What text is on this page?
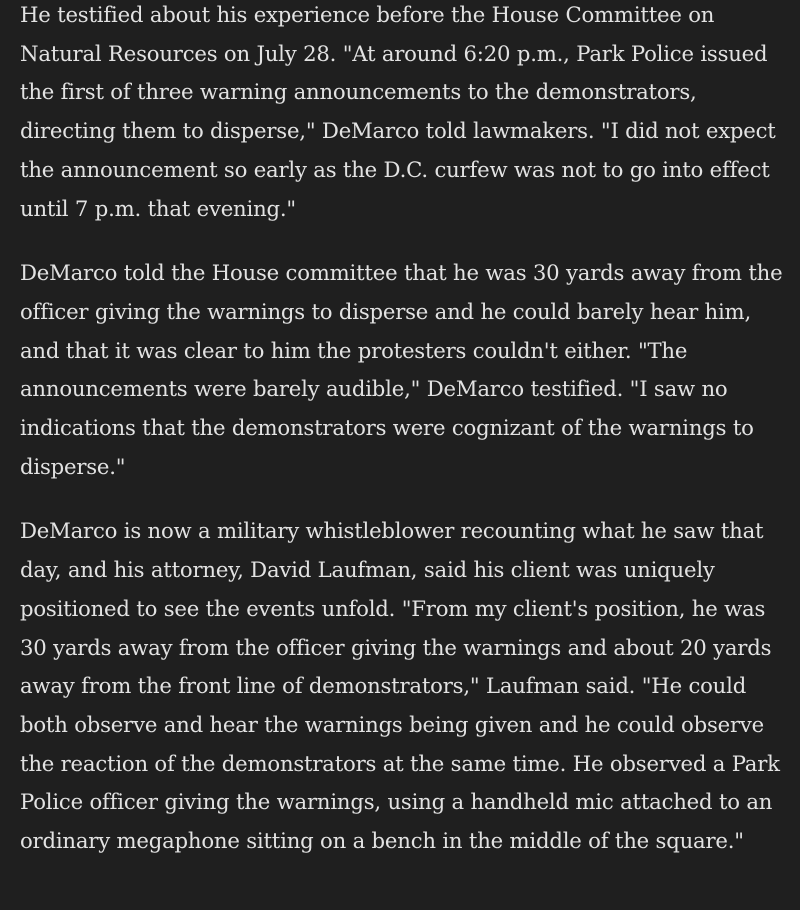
He testified about his experience before the House Committee on Natural Resources on July 28. "At around 6:20 p.m., Park Police issued the first of three warning announcements to the demonstrators, directing them to disperse," DeMarco told lawmakers. "I did not expect the announcement so early as the D.C. curfew was not to go into effect until 7 p.m. that evening."

DeMarco told the House committee that he was 30 yards away from the officer giving the warnings to disperse and he could barely hear him, and that it was clear to him the protesters couldn't either. "The announcements were barely audible," DeMarco testified. "I saw no indications that the demonstrators were cognizant of the warnings to disperse."

DeMarco is now a military whistleblower recounting what he saw that day, and his attorney, David Laufman, said his client was uniquely positioned to see the events unfold. "From my client's position, he was 30 yards away from the officer giving the warnings and about 20 yards away from the front line of demonstrators," Laufman said. "He could both observe and hear the warnings being given and he could observe the reaction of the demonstrators at the same time. He observed a Park Police officer giving the warnings, using a handheld mic attached to an ordinary megaphone sitting on a bench in the middle of the square."
